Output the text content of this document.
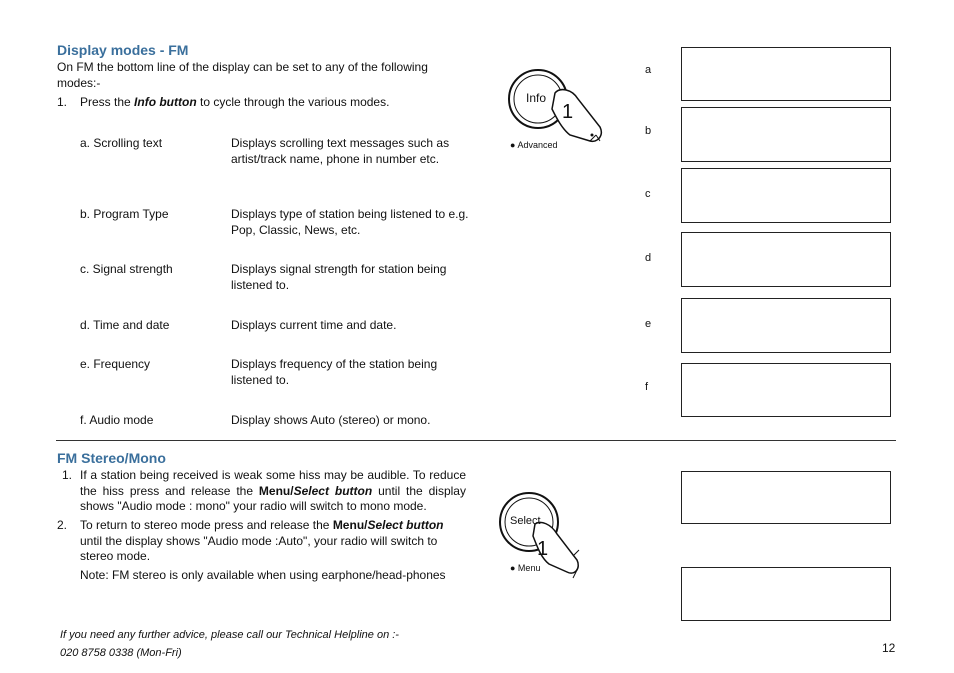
Display modes - FM
On FM the bottom line of the display can be set to any of the following modes:-
1. Press the Info button to cycle through the various modes.
a. Scrolling text	Displays scrolling text messages such as artist/track name, phone in number etc.
b. Program Type	Displays type of station being listened to e.g. Pop, Classic, News, etc.
c. Signal strength	Displays signal strength for station being listened to.
d. Time and date	Displays current time and date.
e. Frequency	Displays frequency of the station being listened to.
f. Audio mode	Display shows Auto (stereo) or mono.
Info
1
● Advanced
a

b

c

d

e

f

FM Stereo/Mono
1. If a station being received is weak some hiss may be audible. To reduce the hiss press and release the Menu/Select button until the display shows "Audio mode : mono" your radio will switch to mono mode.
2. To return to stereo mode press and release the Menu/Select button until the display shows "Audio mode :Auto", your radio will switch to stereo mode.
Note: FM stereo is only available when using earphone/head-phones
Select
1
● Menu

If you need any further advice, please call our Technical Helpline on :-
020 8758 0338 (Mon-Fri)	12
